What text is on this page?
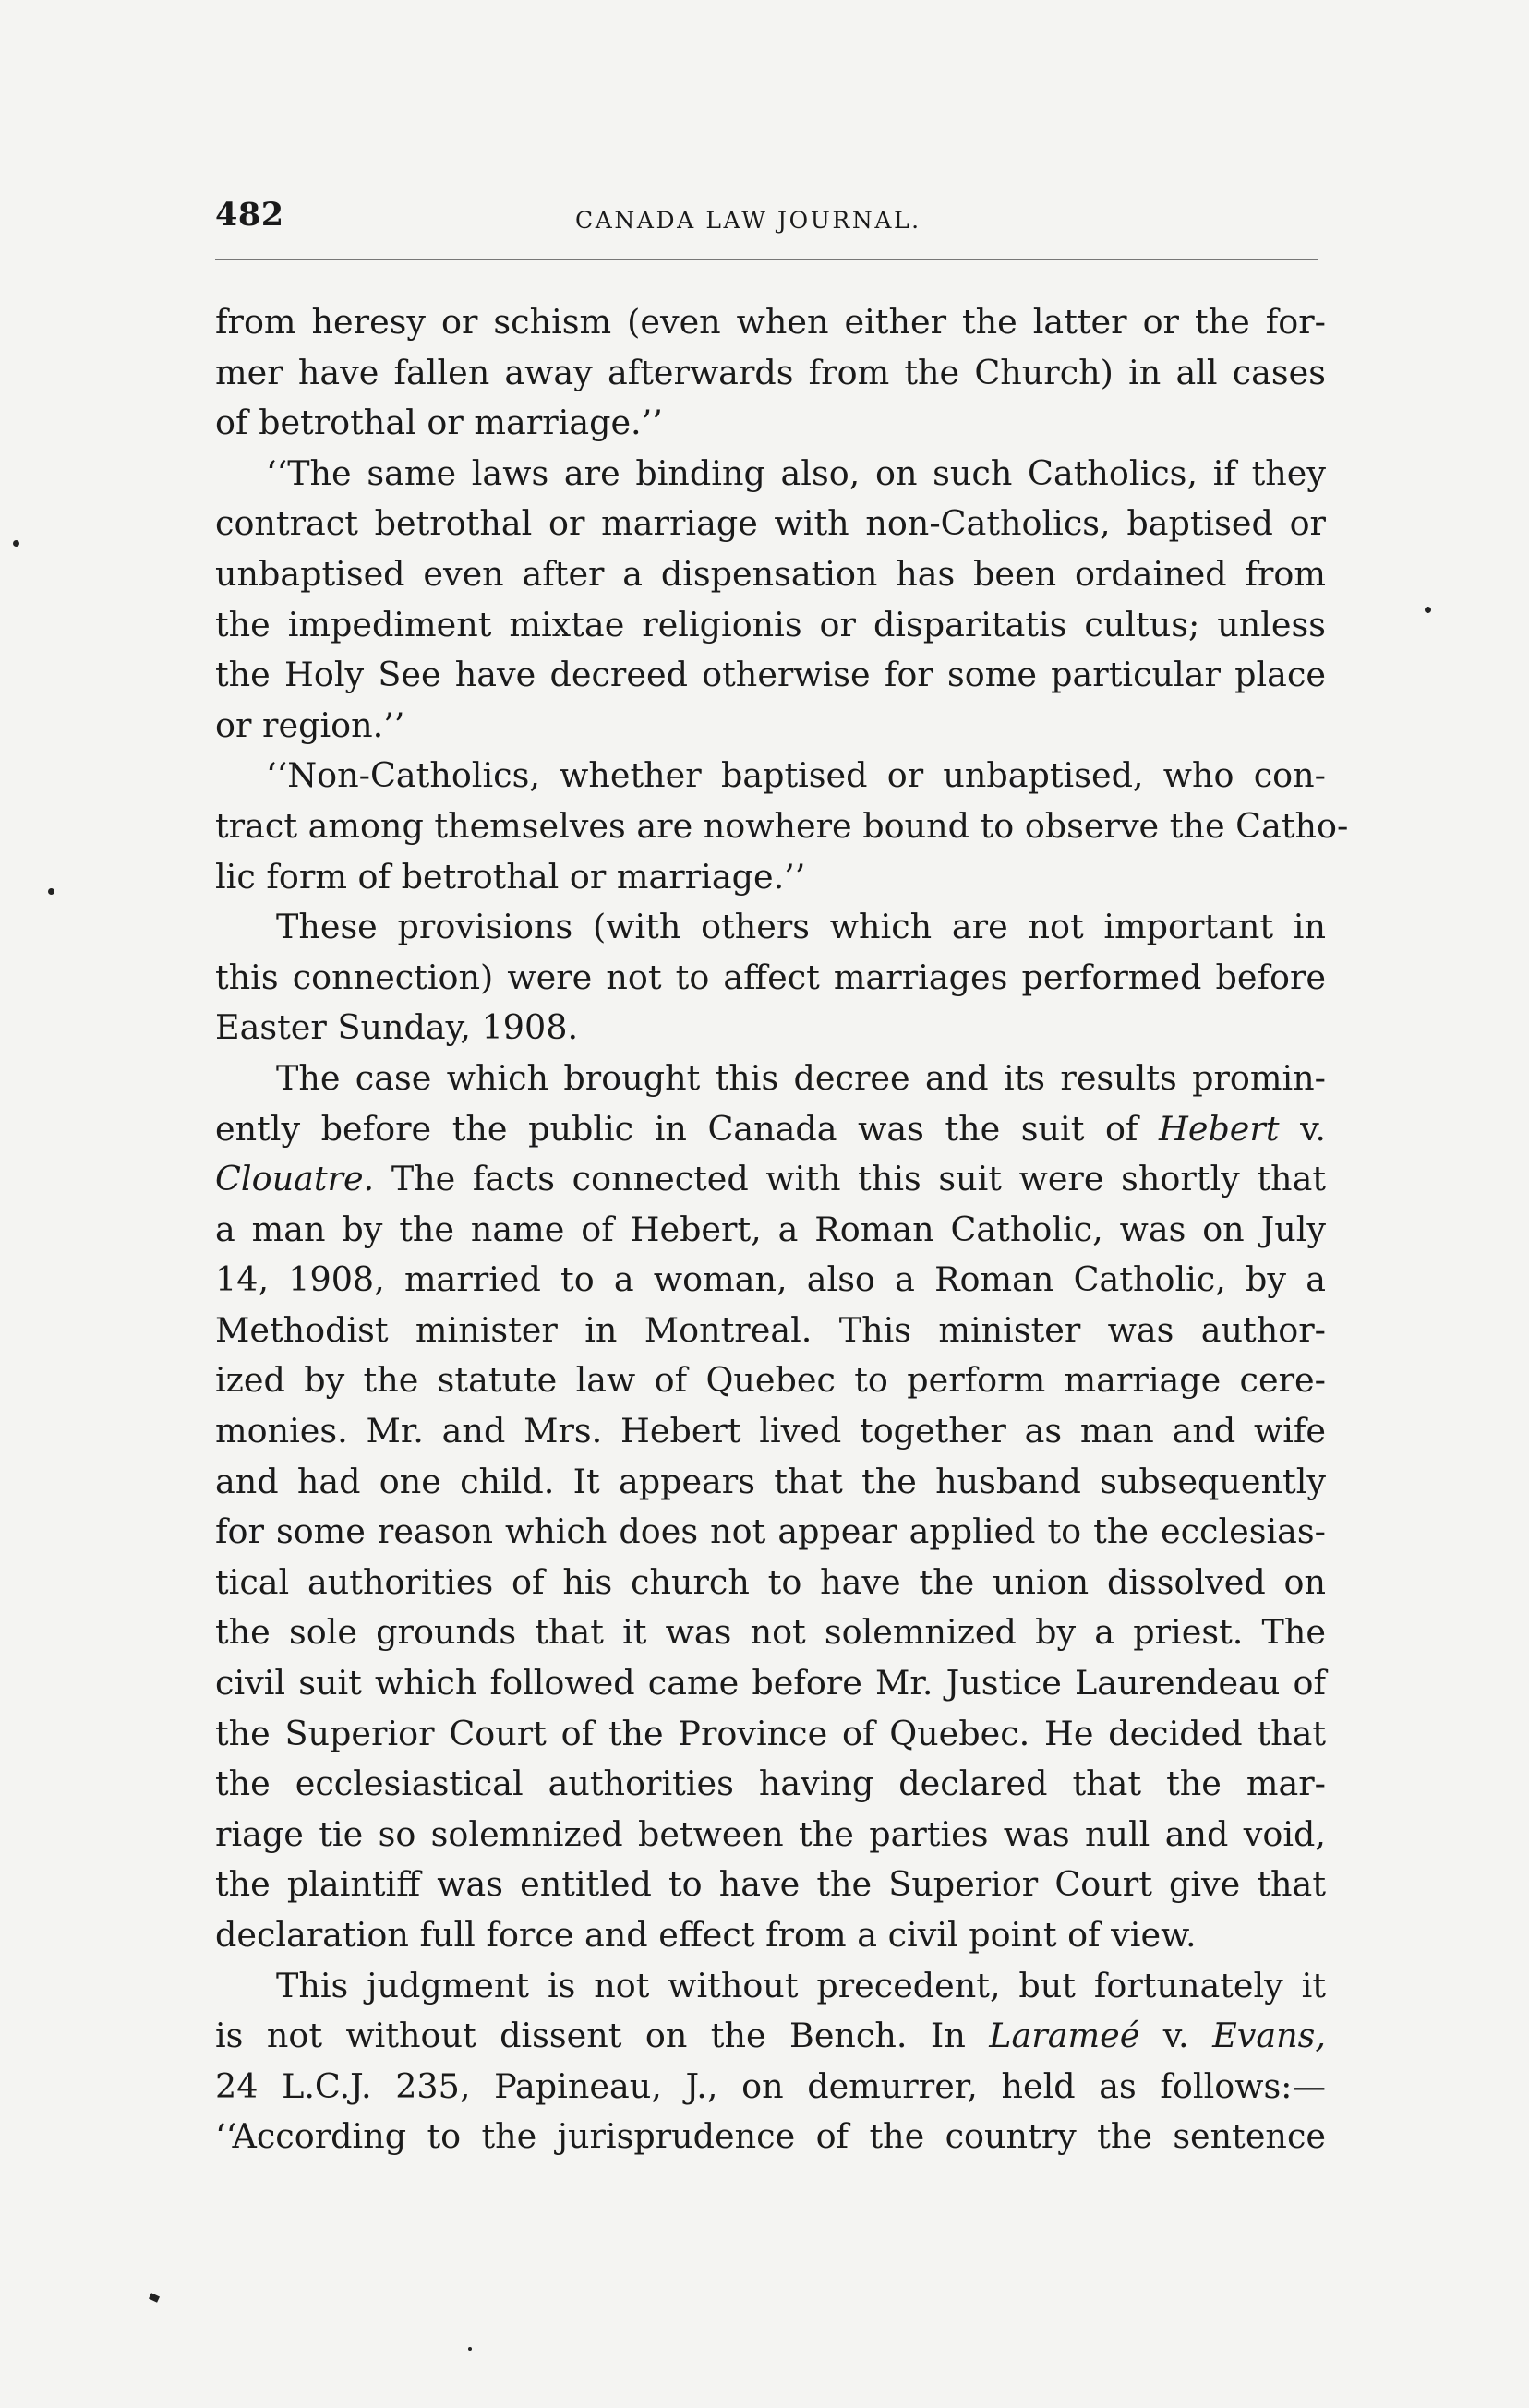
482	CANADA LAW JOURNAL.
from heresy or schism (even when either the latter or the for-
mer have fallen away afterwards from the Church) in all cases
of betrothal or marriage.’’
‘‘The same laws are binding also, on such Catholics, if they
contract betrothal or marriage with non-Catholics, baptised or
unbaptised even after a dispensation has been ordained from
the impediment mixtae religionis or disparitatis cultus; unless
the Holy See have decreed otherwise for some particular place
or region.’’
‘‘Non-Catholics, whether baptised or unbaptised, who con-
tract among themselves are nowhere bound to observe the Catho-
lic form of betrothal or marriage.’’
These provisions (with others which are not important in
this connection) were not to affect marriages performed before
Easter Sunday, 1908.
The case which brought this decree and its results promin-
ently before the public in Canada was the suit of Hebert v.
Clouatre. The facts connected with this suit were shortly that
a man by the name of Hebert, a Roman Catholic, was on July
14, 1908, married to a woman, also a Roman Catholic, by a
Methodist minister in Montreal. This minister was author-
ized by the statute law of Quebec to perform marriage cere-
monies. Mr. and Mrs. Hebert lived together as man and wife
and had one child. It appears that the husband subsequently
for some reason which does not appear applied to the ecclesias-
tical authorities of his church to have the union dissolved on
the sole grounds that it was not solemnized by a priest. The
civil suit which followed came before Mr. Justice Laurendeau of
the Superior Court of the Province of Quebec. He decided that
the ecclesiastical authorities having declared that the mar-
riage tie so solemnized between the parties was null and void,
the plaintiff was entitled to have the Superior Court give that
declaration full force and effect from a civil point of view.
This judgment is not without precedent, but fortunately it
is not without dissent on the Bench. In Larameé v. Evans,
24 L.C.J. 235, Papineau, J., on demurrer, held as follows:—
‘‘According to the jurisprudence of the country the sentence
